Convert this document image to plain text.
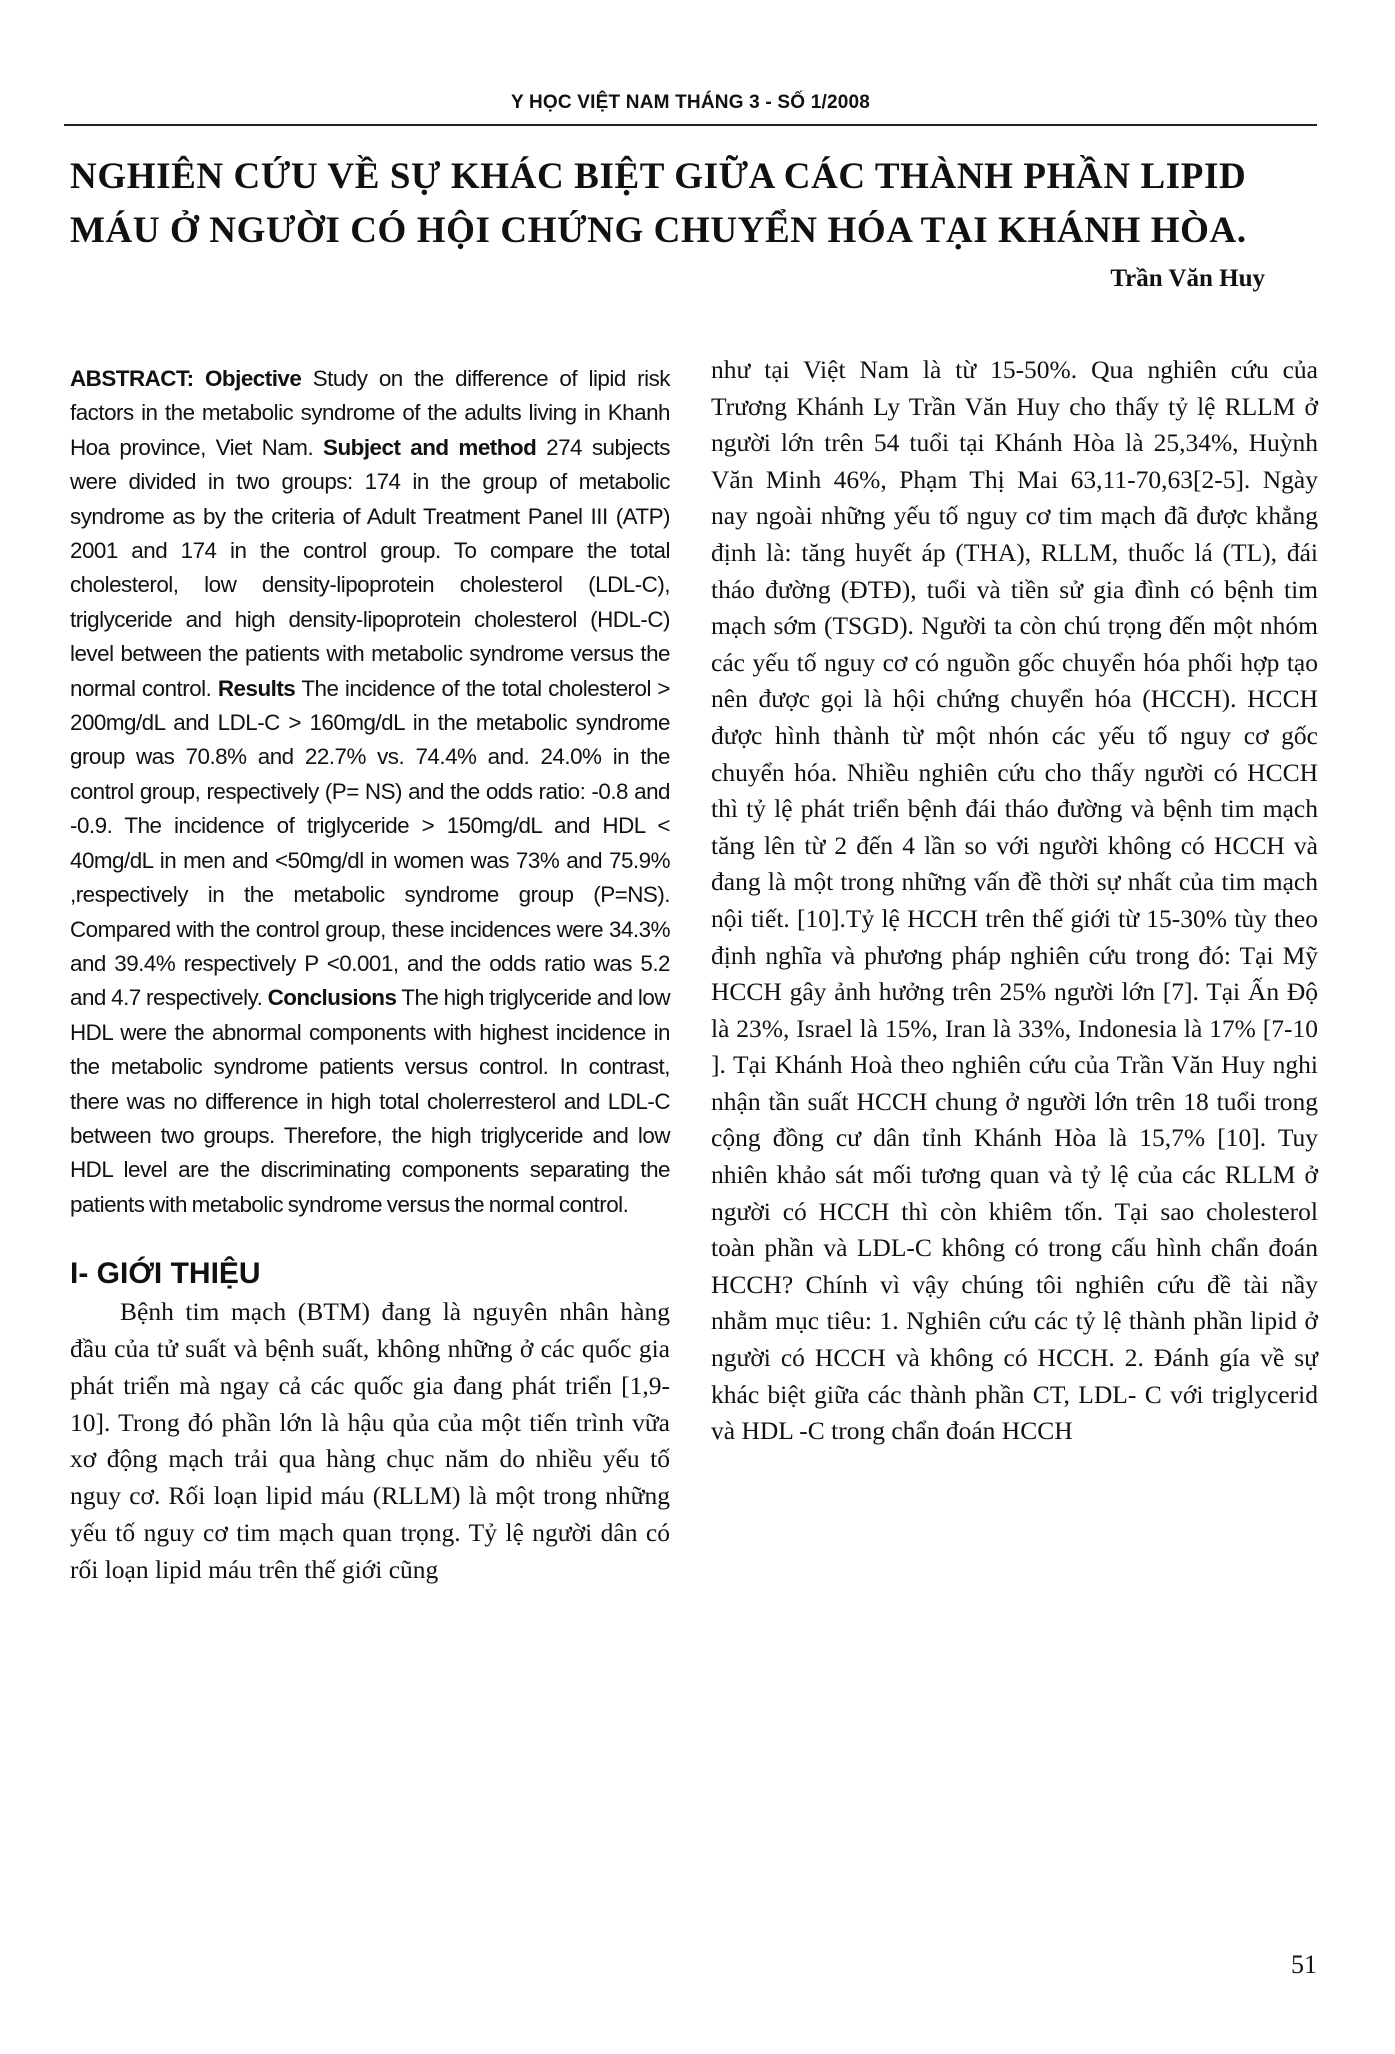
Y HỌC VIỆT NAM THÁNG 3 - SỐ 1/2008
NGHIÊN CỨU VỀ SỰ KHÁC BIỆT GIỮA CÁC THÀNH PHẦN LIPID
MÁU Ở NGƯỜI CÓ HỘI CHỨNG CHUYỂN HÓA TẠI KHÁNH HÒA.
Trần Văn Huy

ABSTRACT: Objective Study on the difference of lipid risk factors in the metabolic syndrome of the adults living in Khanh Hoa province, Viet Nam. Subject and method 274 subjects were divided in two groups: 174 in the group of metabolic syndrome as by the criteria of Adult Treatment Panel III (ATP) 2001 and 174 in the control group. To compare the total cholesterol, low density-lipoprotein cholesterol (LDL-C), triglyceride and high density-lipoprotein cholesterol (HDL-C) level between the patients with metabolic syndrome versus the normal control. Results The incidence of the total cholesterol > 200mg/dL and LDL-C > 160mg/dL in the metabolic syndrome group was 70.8% and 22.7% vs. 74.4% and. 24.0% in the control group, respectively (P= NS) and the odds ratio: -0.8 and -0.9. The incidence of triglyceride > 150mg/dL and HDL < 40mg/dL in men and <50mg/dl in women was 73% and 75.9% ,respectively in the metabolic syndrome group (P=NS). Compared with the control group, these incidences were 34.3% and 39.4% respectively P <0.001, and the odds ratio was 5.2 and 4.7 respectively. Conclusions The high triglyceride and low HDL were the abnormal components with highest incidence in the metabolic syndrome patients versus control. In contrast, there was no difference in high total cholerresterol and LDL-C between two groups. Therefore, the high triglyceride and low HDL level are the discriminating components separating the patients with metabolic syndrome versus the normal control.

I- GIỚI THIỆU

Bệnh tim mạch (BTM) đang là nguyên nhân hàng đầu của tử suất và bệnh suất, không những ở các quốc gia phát triển mà ngay cả các quốc gia đang phát triển [1,9-10]. Trong đó phần lớn là hậu qủa của một tiến trình vữa xơ động mạch trải qua hàng chục năm do nhiều yếu tố nguy cơ. Rối loạn lipid máu (RLLM) là một trong những yếu tố nguy cơ tim mạch quan trọng. Tỷ lệ người dân có rối loạn lipid máu trên thế giới cũng

như tại Việt Nam là từ 15-50%. Qua nghiên cứu của Trương Khánh Ly Trần Văn Huy cho thấy tỷ lệ RLLM ở người lớn trên 54 tuổi tại Khánh Hòa là 25,34%, Huỳnh Văn Minh 46%, Phạm Thị Mai 63,11-70,63[2-5]. Ngày nay ngoài những yếu tố nguy cơ tim mạch đã được khẳng định là: tăng huyết áp (THA), RLLM, thuốc lá (TL), đái tháo đường (ĐTĐ), tuổi và tiền sử gia đình có bệnh tim mạch sớm (TSGD). Người ta còn chú trọng đến một nhóm các yếu tố nguy cơ có nguồn gốc chuyển hóa phối hợp tạo nên được gọi là hội chứng chuyển hóa (HCCH). HCCH được hình thành từ một nhón các yếu tố nguy cơ gốc chuyển hóa. Nhiều nghiên cứu cho thấy người có HCCH thì tỷ lệ phát triển bệnh đái tháo đường và bệnh tim mạch tăng lên từ 2 đến 4 lần so với người không có HCCH và đang là một trong những vấn đề thời sự nhất của tim mạch nội tiết. [10].Tỷ lệ HCCH trên thế giới từ 15-30% tùy theo định nghĩa và phương pháp nghiên cứu trong đó: Tại Mỹ HCCH gây ảnh hưởng trên 25% người lớn [7]. Tại Ấn Độ là 23%, Israel là 15%, Iran là 33%, Indonesia là 17% [7-10 ]. Tại Khánh Hoà theo nghiên cứu của Trần Văn Huy nghi nhận tần suất HCCH chung ở người lớn trên 18 tuổi trong cộng đồng cư dân tỉnh Khánh Hòa là 15,7% [10]. Tuy nhiên khảo sát mối tương quan và tỷ lệ của các RLLM ở người có HCCH thì còn khiêm tốn. Tại sao cholesterol toàn phần và LDL-C không có trong cấu hình chẩn đoán HCCH? Chính vì vậy chúng tôi nghiên cứu đề tài nầy nhằm mục tiêu: 1. Nghiên cứu các tỷ lệ thành phần lipid ở người có HCCH và không có HCCH. 2. Đánh gía về sự khác biệt giữa các thành phần CT, LDL- C với triglycerid và HDL -C trong chẩn đoán HCCH

51
